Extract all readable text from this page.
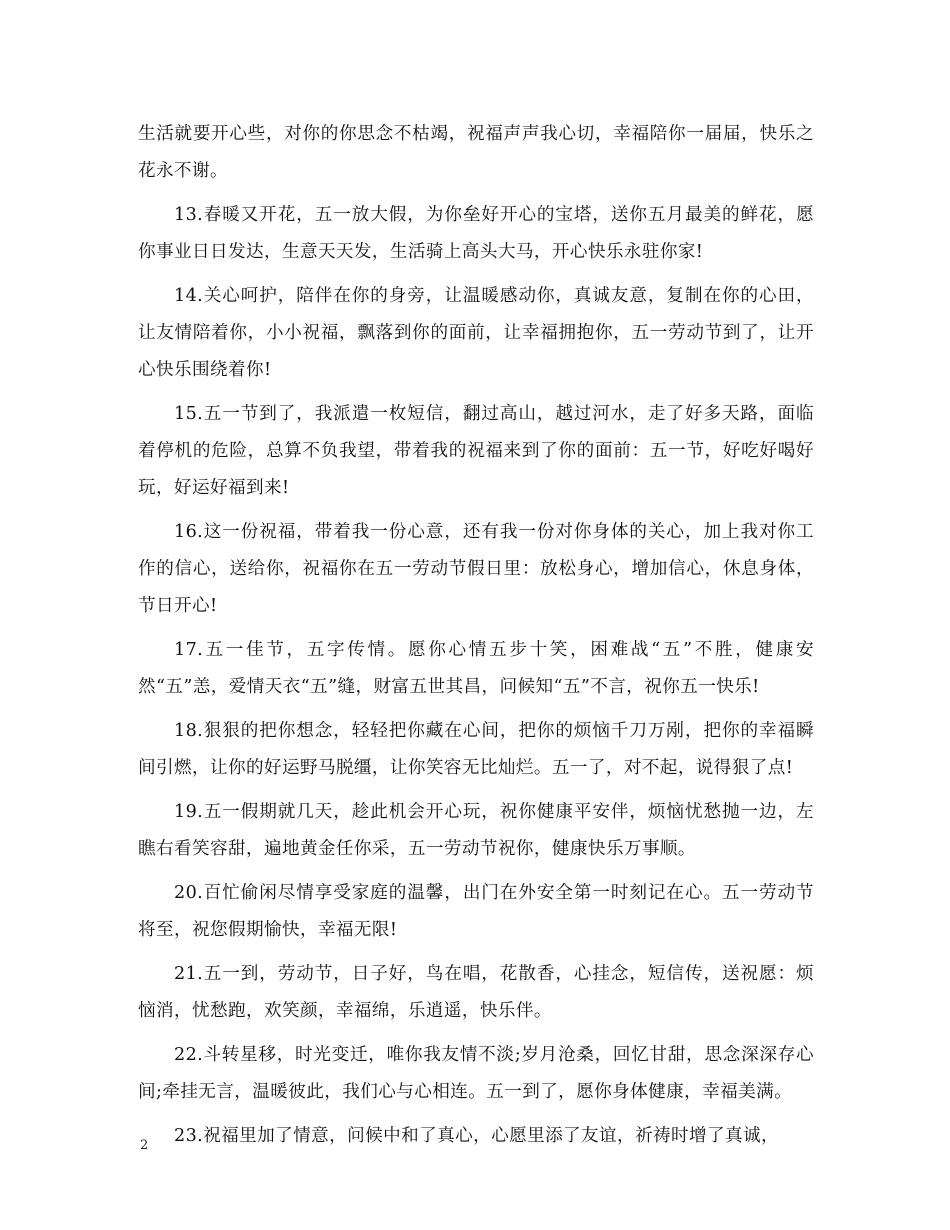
生活就要开心些，对你的你思念不枯竭，祝福声声我心切，幸福陪你一届届，快乐之花永不谢。

13.春暖又开花，五一放大假，为你垒好开心的宝塔，送你五月最美的鲜花，愿你事业日日发达，生意天天发，生活骑上高头大马，开心快乐永驻你家!

14.关心呵护，陪伴在你的身旁，让温暖感动你，真诚友意，复制在你的心田，让友情陪着你，小小祝福，飘落到你的面前，让幸福拥抱你，五一劳动节到了，让开心快乐围绕着你!

15.五一节到了，我派遣一枚短信，翻过高山，越过河水，走了好多天路，面临着停机的危险，总算不负我望，带着我的祝福来到了你的面前：五一节，好吃好喝好玩，好运好福到来!

16.这一份祝福，带着我一份心意，还有我一份对你身体的关心，加上我对你工作的信心，送给你，祝福你在五一劳动节假日里：放松身心，增加信心，休息身体，节日开心!

17.五一佳节，五字传情。愿你心情五步十笑，困难战“五”不胜，健康安然“五”恙，爱情天衣“五”缝，财富五世其昌，问候知“五”不言，祝你五一快乐!

18.狠狠的把你想念，轻轻把你藏在心间，把你的烦恼千刀万剐，把你的幸福瞬间引燃，让你的好运野马脱缰，让你笑容无比灿烂。五一了，对不起，说得狠了点!

19.五一假期就几天，趁此机会开心玩，祝你健康平安伴，烦恼忧愁抛一边，左瞧右看笑容甜，遍地黄金任你采，五一劳动节祝你，健康快乐万事顺。

20.百忙偷闲尽情享受家庭的温馨，出门在外安全第一时刻记在心。五一劳动节将至，祝您假期愉快，幸福无限!

21.五一到，劳动节，日子好，鸟在唱，花散香，心挂念，短信传，送祝愿：烦恼消，忧愁跑，欢笑颜，幸福绵，乐逍遥，快乐伴。

22.斗转星移，时光变迁，唯你我友情不淡;岁月沧桑，回忆甘甜，思念深深存心间;牵挂无言，温暖彼此，我们心与心相连。五一到了，愿你身体健康，幸福美满。

23.祝福里加了情意，问候中和了真心，心愿里添了友谊，祈祷时增了真诚，

2
